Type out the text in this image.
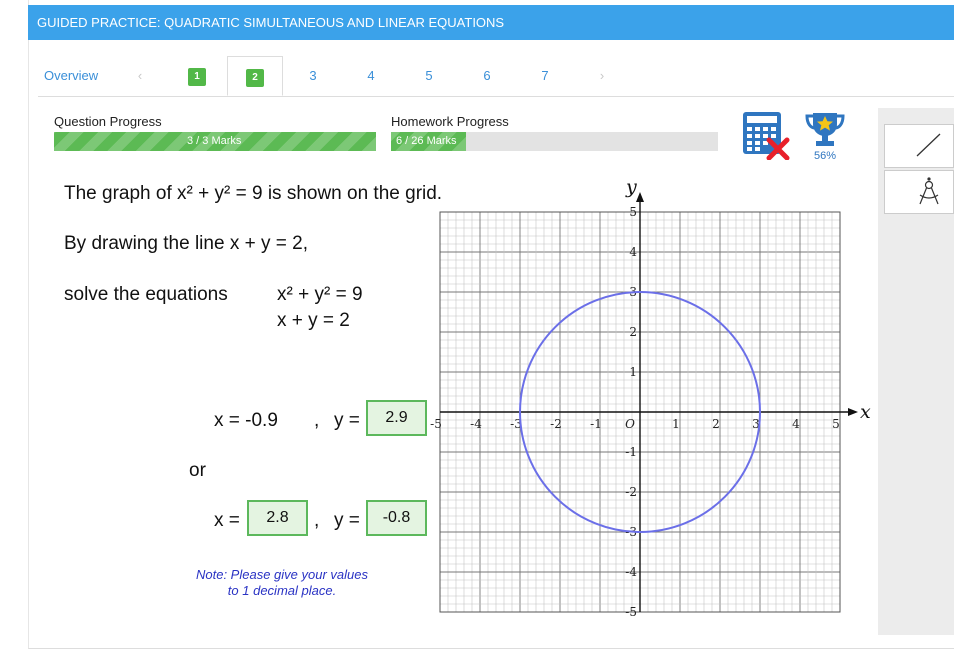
GUIDED PRACTICE: QUADRATIC SIMULTANEOUS AND LINEAR EQUATIONS
Overview	‹	1	2	3	4	5	6	7	›
Question Progress
3 / 3 Marks
Homework Progress
6 / 26 Marks
56%
The graph of x² + y² = 9 is shown on the grid.
By drawing the line x + y = 2,
solve the equations	x² + y² = 9
x + y = 2
x = -0.9 , y =	2.9
or
x =	2.8	, y =	-0.8
Note: Please give your values
to 1 decimal place.
-5 -4 -3 -2 -1	1	2	3	4	5
5
4
3
2
1
-1
-2
-3
-4
-5
O
x
y
